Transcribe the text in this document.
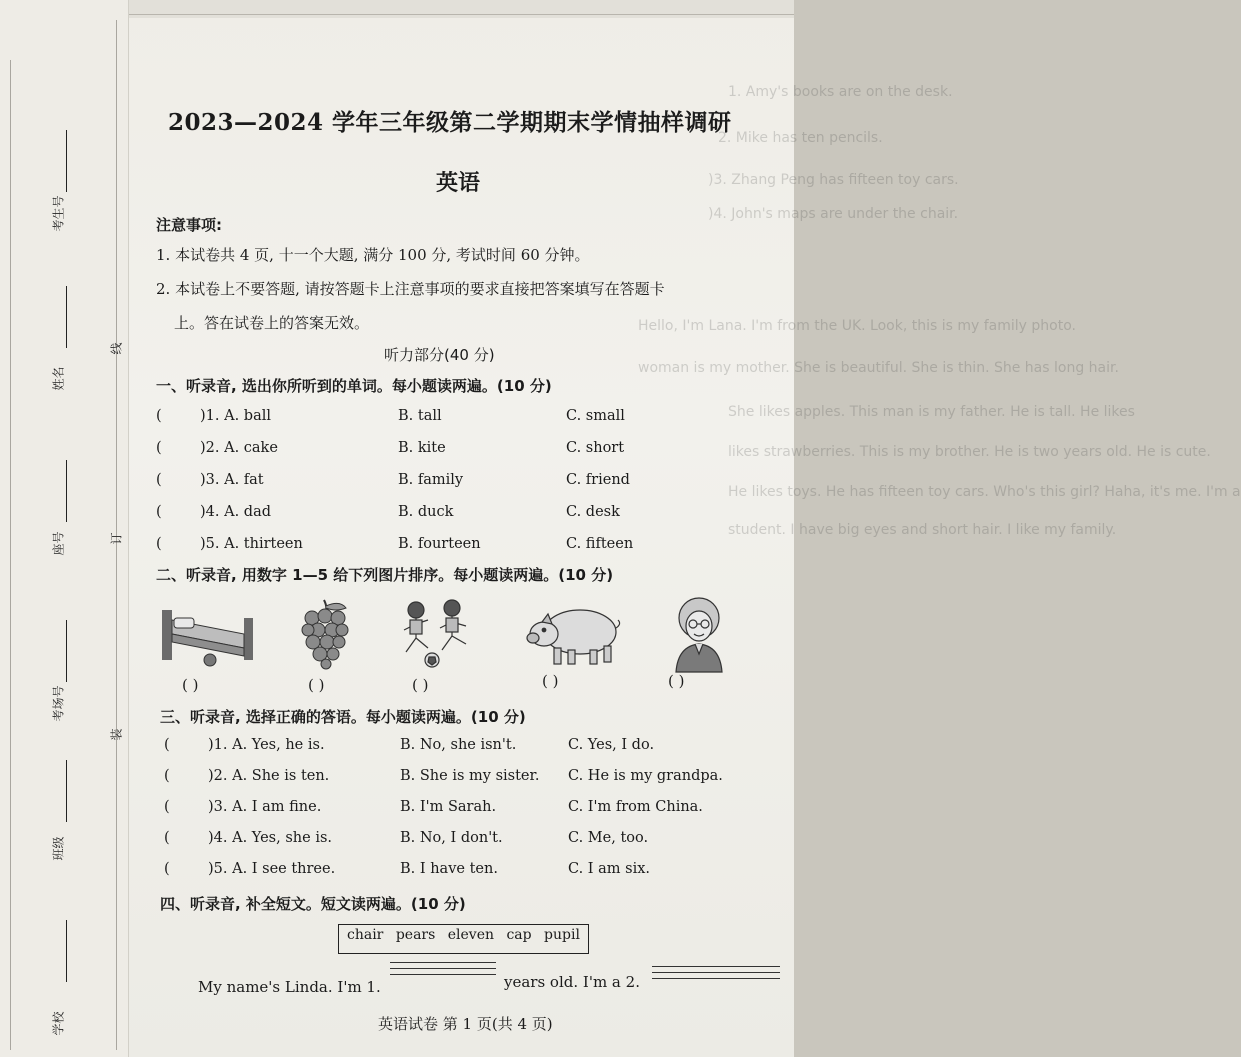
考生号
姓名
座号
考场号
班级
学校
线
订
装
1. Amy's books are on the desk.
2. Mike has ten pencils.
)3. Zhang Peng has fifteen toy cars.
)4. John's maps are under the chair.
Hello, I'm Lana. I'm from the UK. Look, this is my family photo.
woman is my mother. She is beautiful. She is thin. She has long hair.
She likes apples. This man is my father. He is tall. He likes
likes strawberries. This is my brother. He is two years old. He is cute.
He likes toys. He has fifteen toy cars. Who's this girl? Haha, it's me. I'm a
student. I have big eyes and short hair. I like my family.
2023—2024 学年三年级第二学期期末学情抽样调研
英语
注意事项:
1. 本试卷共 4 页, 十一个大题, 满分 100 分, 考试时间 60 分钟。
2. 本试卷上不要答题, 请按答题卡上注意事项的要求直接把答案填写在答题卡
上。答在试卷上的答案无效。
听力部分(40 分)
一、听录音, 选出你所听到的单词。每小题读两遍。(10 分)
(	)1. A. ball	B. tall	C. small
(	)2. A. cake	B. kite	C. short
(	)3. A. fat	B. family	C. friend
(	)4. A. dad	B. duck	C. desk
(	)5. A. thirteen	B. fourteen	C. fifteen
二、听录音, 用数字 1—5 给下列图片排序。每小题读两遍。(10 分)
( )	( )	( )	( )	( )
三、听录音, 选择正确的答语。每小题读两遍。(10 分)
(	)1. A. Yes, he is.	B. No, she isn't.	C. Yes, I do.
(	)2. A. She is ten.	B. She is my sister. C. He is my grandpa.
(	)3. A. I am fine.	B. I'm Sarah.	C. I'm from China.
(	)4. A. Yes, she is.	B. No, I don't.	C. Me, too.
(	)5. A. I see three.	B. I have ten.	C. I am six.
四、听录音, 补全短文。短文读两遍。(10 分)
chair pears eleven cap pupil
My name's Linda. I'm 1.	years old. I'm a 2.
英语试卷 第 1 页(共 4 页)
